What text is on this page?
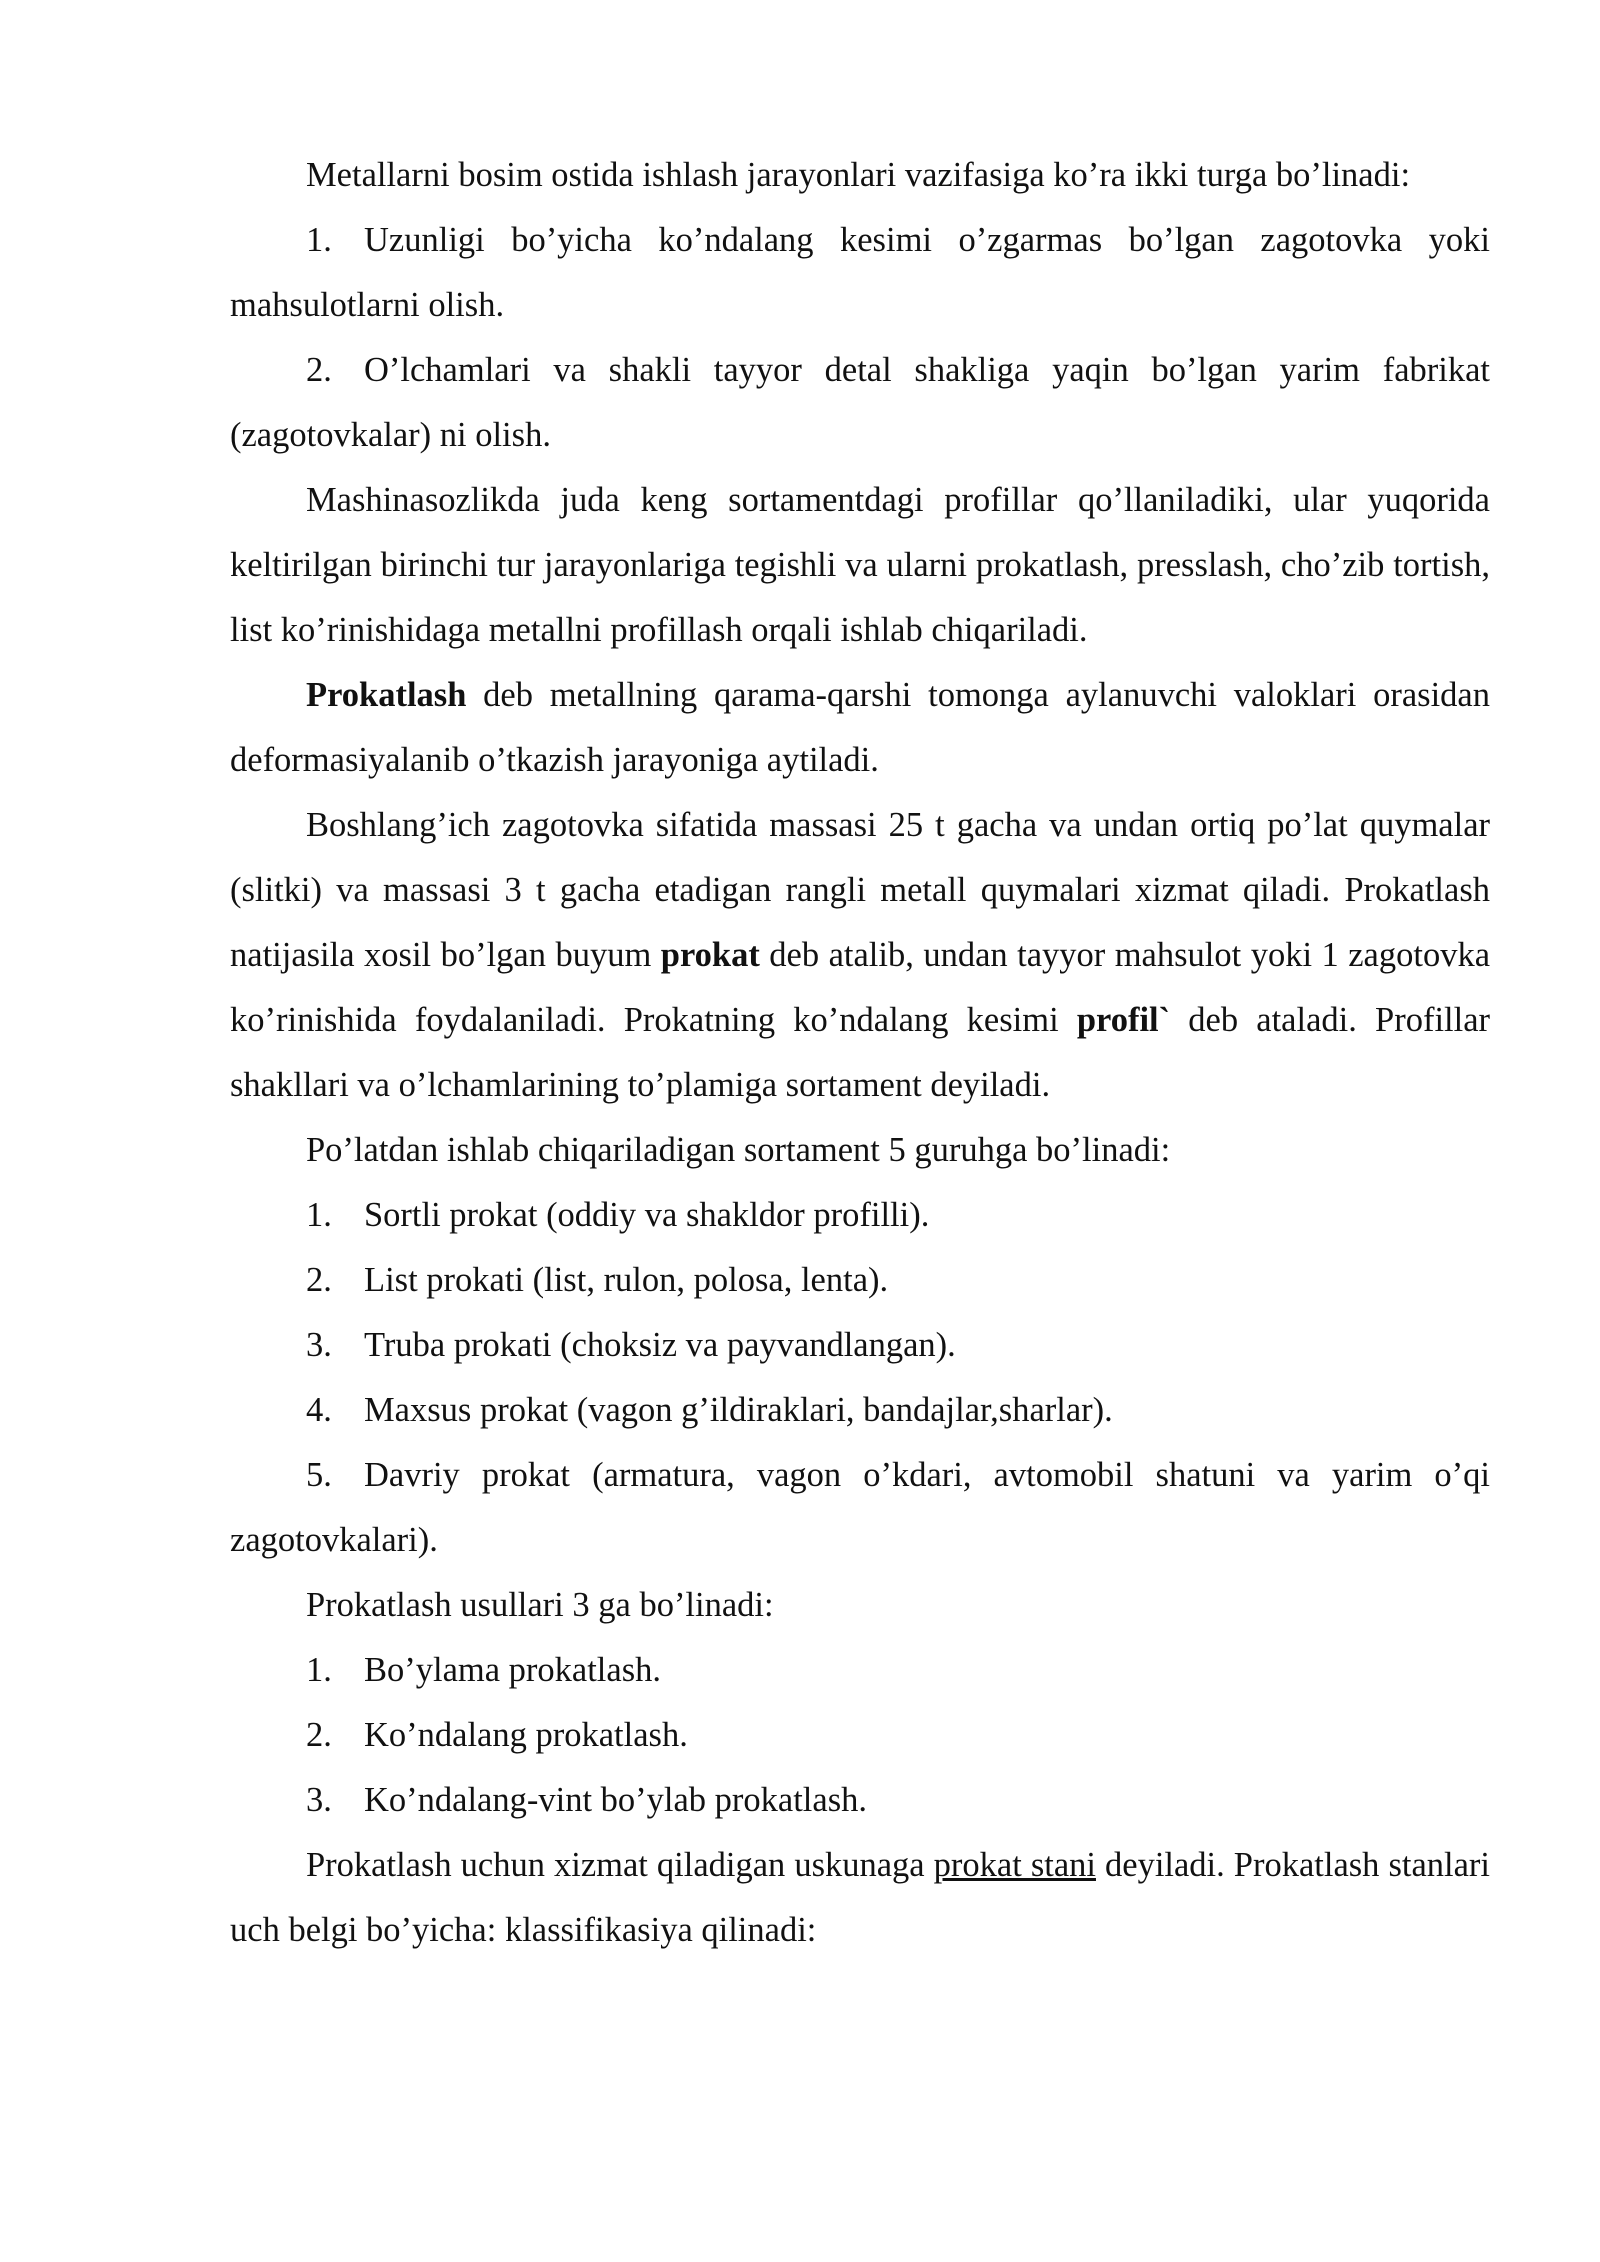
Metallarni bosim ostida ishlash jarayonlari vazifasiga ko’ra ikki turga bo’linadi:

1. Uzunligi bo’yicha ko’ndalang kesimi o’zgarmas bo’lgan zagotovka yoki mahsulotlarni olish.

2. O’lchamlari va shakli tayyor detal shakliga yaqin bo’lgan yarim fabrikat (zagotovkalar) ni olish.

Mashinasozlikda juda keng sortamentdagi profillar qo’llaniladiki, ular yuqorida keltirilgan birinchi tur jarayonlariga tegishli va ularni prokatlash, presslash, cho’zib tortish, list ko’rinishidaga metallni profillash orqali ishlab chiqariladi.

Prokatlash deb metallning qarama-qarshi tomonga aylanuvchi valoklari orasidan deformasiyalanib o’tkazish jarayoniga aytiladi.

Boshlang’ich zagotovka sifatida massasi 25 t gacha va undan ortiq po’lat quymalar (slitki) va massasi 3 t gacha etadigan rangli metall quymalari xizmat qiladi. Prokatlash natijasila xosil bo’lgan buyum prokat deb atalib, undan tayyor mahsulot yoki 1 zagotovka ko’rinishida foydalaniladi. Prokatning ko’ndalang kesimi profil` deb ataladi. Profillar shakllari va o’lchamlarining to’plamiga sortament deyiladi.

Po’latdan ishlab chiqariladigan sortament 5 guruhga bo’linadi:

1. Sortli prokat (oddiy va shakldor profilli).

2. List prokati (list, rulon, polosa, lenta).

3. Truba prokati (choksiz va payvandlangan).

4. Maxsus prokat (vagon g’ildiraklari, bandajlar,sharlar).

5. Davriy prokat (armatura, vagon o’kdari, avtomobil shatuni va yarim o’qi zagotovkalari).

Prokatlash usullari 3 ga bo’linadi:

1. Bo’ylama prokatlash.

2. Ko’ndalang prokatlash.

3. Ko’ndalang-vint bo’ylab prokatlash.

Prokatlash uchun xizmat qiladigan uskunaga prokat stani deyiladi. Prokatlash stanlari uch belgi bo’yicha: klassifikasiya qilinadi:
